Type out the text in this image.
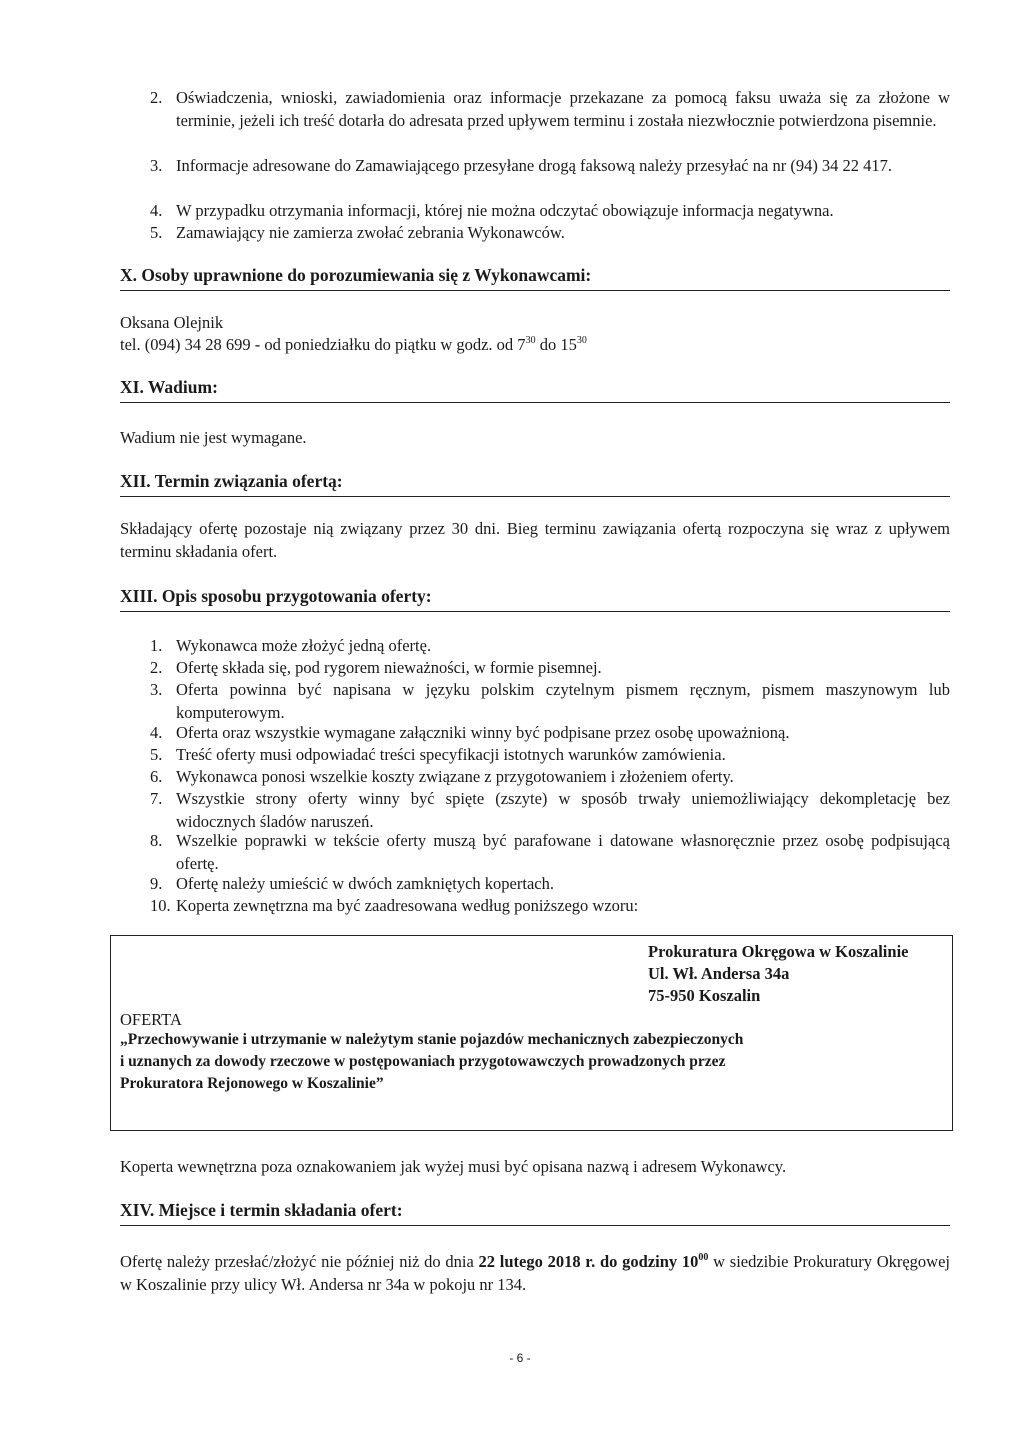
2. Oświadczenia, wnioski, zawiadomienia oraz informacje przekazane za pomocą faksu uważa się za złożone w terminie, jeżeli ich treść dotarła do adresata przed upływem terminu i została niezwłocznie potwierdzona pisemnie.
3. Informacje adresowane do Zamawiającego przesyłane drogą faksową należy przesyłać na nr (94) 34 22 417.
4. W przypadku otrzymania informacji, której nie można odczytać obowiązuje informacja negatywna.
5. Zamawiający nie zamierza zwołać zebrania Wykonawców.
X. Osoby uprawnione do porozumiewania się z Wykonawcami:
Oksana Olejnik
tel. (094) 34 28 699 - od poniedziałku do piątku w godz. od $7^{30}$ do $15^{30}$
XI. Wadium:
Wadium nie jest wymagane.
XII. Termin związania ofertą:
Składający ofertę pozostaje nią związany przez 30 dni. Bieg terminu zawiązania ofertą rozpoczyna się wraz z upływem terminu składania ofert.
XIII. Opis sposobu przygotowania oferty:
1. Wykonawca może złożyć jedną ofertę.
2. Ofertę składa się, pod rygorem nieważności, w formie pisemnej.
3. Oferta powinna być napisana w języku polskim czytelnym pismem ręcznym, pismem maszynowym lub komputerowym.
4. Oferta oraz wszystkie wymagane załączniki winny być podpisane przez osobę upoważnioną.
5. Treść oferty musi odpowiadać treści specyfikacji istotnych warunków zamówienia.
6. Wykonawca ponosi wszelkie koszty związane z przygotowaniem i złożeniem oferty.
7. Wszystkie strony oferty winny być spięte (zszyte) w sposób trwały uniemożliwiający dekompletację bez widocznych śladów naruszeń.
8. Wszelkie poprawki w tekście oferty muszą być parafowane i datowane własnoręcznie przez osobę podpisującą ofertę.
9. Ofertę należy umieścić w dwóch zamkniętych kopertach.
10. Koperta zewnętrzna ma być zaadresowana według poniższego wzoru:
Prokuratura Okręgowa w Koszalinie
Ul. Wł. Andersa 34a
75-950 Koszalin
OFERTA
„Przechowywanie i utrzymanie w należytym stanie pojazdów mechanicznych zabezpieczonych
i uznanych za dowody rzeczowe w postępowaniach przygotowawczych prowadzonych przez
Prokuratora Rejonowego w Koszalinie”
Koperta wewnętrzna poza oznakowaniem jak wyżej musi być opisana nazwą i adresem Wykonawcy.
XIV. Miejsce i termin składania ofert:
Ofertę należy przesłać/złożyć nie później niż do dnia 22 lutego 2018 r. do godziny $10^{00}$ w siedzibie Prokuratury Okręgowej w Koszalinie przy ulicy Wł. Andersa nr 34a w pokoju nr 134.
- 6 -
